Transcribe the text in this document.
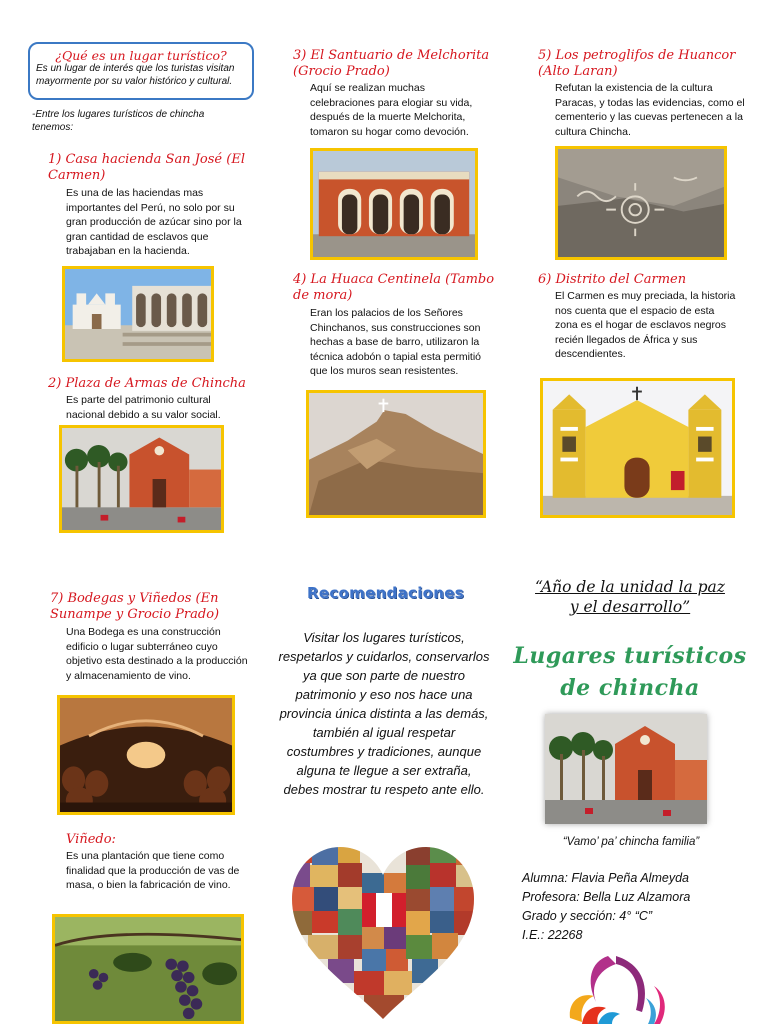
¿Qué es un lugar turístico?
Es un lugar de interés que los turistas visitan mayormente por su valor histórico y cultural.
-Entre los lugares turísticos de chincha tenemos:
1) Casa hacienda San José (El Carmen)
Es una de las haciendas mas importantes del Perú, no solo por su gran producción de azúcar sino por la gran cantidad de esclavos que trabajaban en la hacienda.
2) Plaza de Armas de Chincha
Es parte del patrimonio cultural nacional debido a su valor social.
3) El Santuario de Melchorita (Grocio Prado)
Aquí se realizan muchas celebraciones para elogiar su vida, después de la muerte Melchorita, tomaron su hogar como devoción.
4) La Huaca Centinela (Tambo de mora)
Eran los palacios de los Señores Chinchanos, sus construcciones son hechas a base de barro, utilizaron la técnica adobón o tapial esta permitió que los muros sean resistentes.
5) Los petroglifos de Huancor (Alto Laran)
Refutan la existencia de la cultura Paracas, y todas las evidencias, como el cementerio y las cuevas pertenecen a la cultura Chincha.
6) Distrito del Carmen
El Carmen es muy preciada, la historia nos cuenta que el espacio de esta zona es el hogar de esclavos negros recién llegados de África y sus descendientes.
7) Bodegas y Viñedos (En Sunampe y Grocio Prado)
Una Bodega es una construcción edificio o lugar subterráneo cuyo objetivo esta destinado a la producción y almacenamiento de vino.
Viñedo:
Es una plantación que tiene como finalidad que la producción de vas de masa, o bien la fabricación de vino.
Recomendaciones
Visitar los lugares turísticos, respetarlos y cuidarlos, conservarlos ya que son parte de nuestro patrimonio y eso nos hace una provincia única distinta a las demás, también al igual respetar costumbres y tradiciones, aunque alguna te llegue a ser extraña, debes mostrar tu respeto ante ello.
“Año de la unidad la paz
y el desarrollo”
Lugares turísticos
de chincha
“Vamo’ pa’ chincha familia”
Alumna: Flavia Peña Almeyda
Profesora: Bella Luz Alzamora
Grado y sección: 4° “C”
I.E.: 22268
